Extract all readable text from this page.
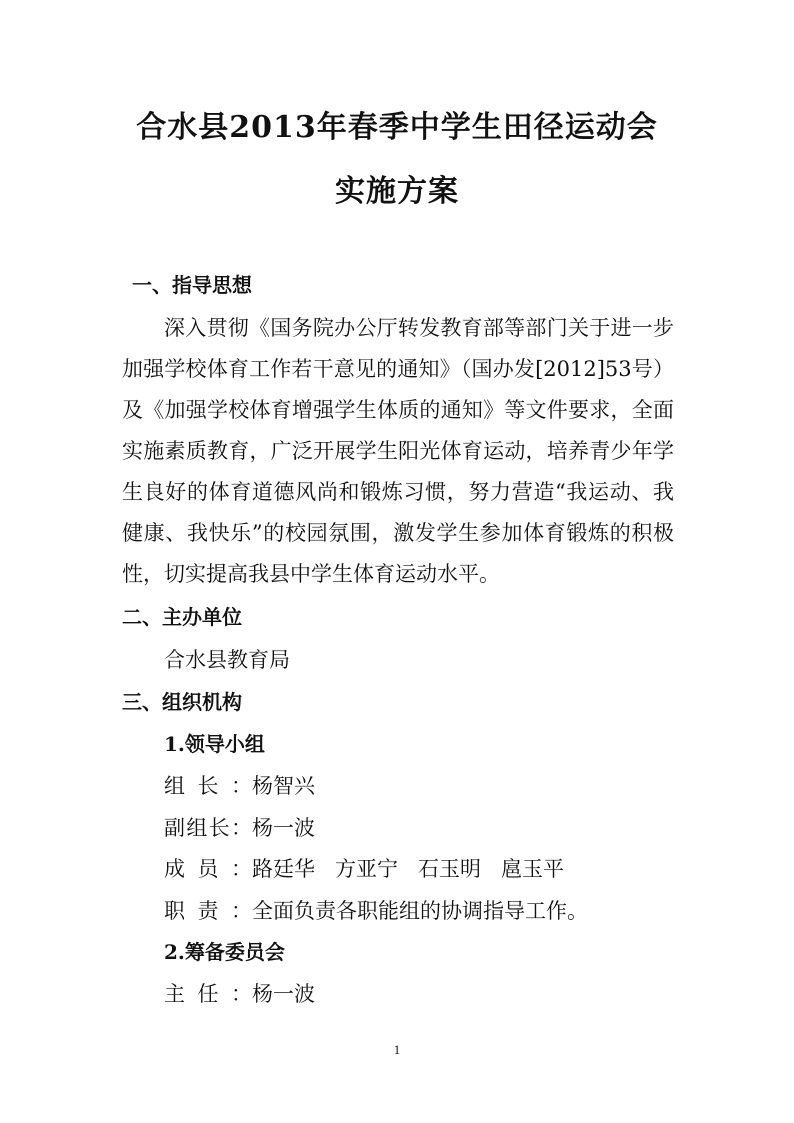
合水县2013年春季中学生田径运动会
实施方案
一、指导思想
深入贯彻《国务院办公厅转发教育部等部门关于进一步加强学校体育工作若干意见的通知》（国办发[2012]53号）及《加强学校体育增强学生体质的通知》等文件要求，全面实施素质教育，广泛开展学生阳光体育运动，培养青少年学生良好的体育道德风尚和锻炼习惯，努力营造“我运动、我健康、我快乐”的校园氛围，激发学生参加体育锻炼的积极性，切实提高我县中学生体育运动水平。
二、主办单位
合水县教育局
三、组织机构
1.领导小组
组长：杨智兴
副组长：杨一波
成员：路廷华 方亚宁 石玉明 扈玉平
职责：全面负责各职能组的协调指导工作。
2.筹备委员会
主任：杨一波
1
